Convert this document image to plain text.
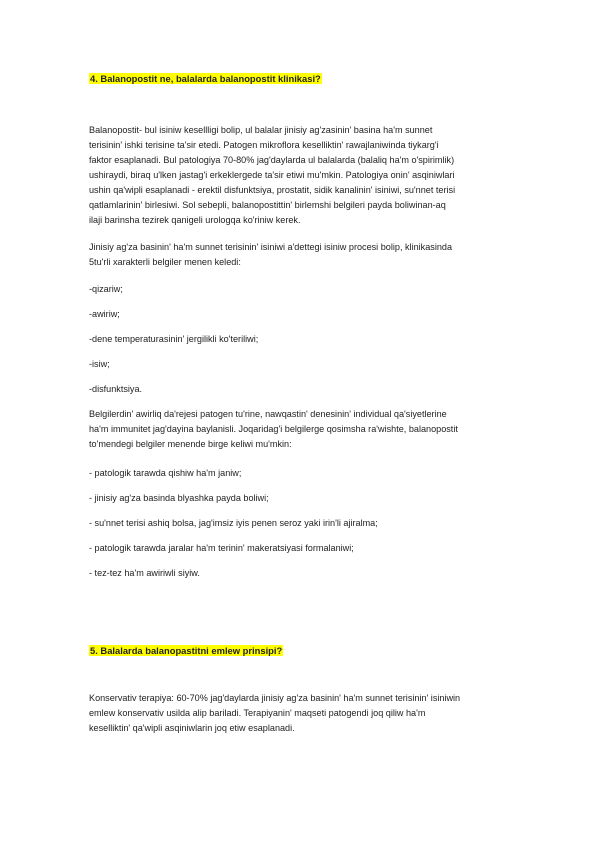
4. Balanopostit ne, balalarda balanopostit klinikasi?

Balanopostit- bul isiniw kesellligi bolip, ul balalar jinisiy ag'zasinin' basina ha'm sunnet
terisinin' ishki terisine ta'sir etedi. Patogen mikroflora keselliktin' rawajlaniwinda tiykarg'i
faktor esaplanadi. Bul patologiya 70-80% jag'daylarda ul balalarda (balaliq ha'm o'spirimlik)
ushiraydi, biraq u'lken jastag'i erkeklergede ta'sir etiwi mu'mkin. Patologiya onin' asqiniwlari
ushin qa'wipli esaplanadi - erektil disfunktsiya, prostatit, sidik kanalinin' isiniwi, su'nnet terisi
qatlamlarinin' birlesiwi. Sol sebepli, balanopostittin' birlemshi belgileri payda boliwinan-aq
ilaji barinsha tezirek qanigeli urologqa ko'riniw kerek.

Jinisiy ag'za basinin' ha'm sunnet terisinin' isiniwi a'dettegi isiniw procesi bolip, klinikasinda
5tu'rli xarakterli belgiler menen keledi:

-qizariw;
-awiriw;
-dene temperaturasinin' jergilikli ko'teriliwi;
-isiw;
-disfunktsiya.

Belgilerdin' awirliq da'rejesi patogen tu'rine, nawqastin' denesinin' individual qa'siyetlerine
ha'm immunitet jag'dayina baylanisli. Joqaridag'i belgilerge qosimsha ra'wishte, balanopostit
to'mendegi belgiler menende birge keliwi mu'mkin:

- patologik tarawda qishiw ha'm janiw;
- jinisiy ag'za basinda blyashka payda boliwi;
- su'nnet terisi ashiq bolsa, jag'imsiz iyis penen seroz yaki irin'li ajiralma;
- patologik tarawda jaralar ha'm terinin' makeratsiyasi formalaniwi;
- tez-tez ha'm awiriwli siyiw.
5. Balalarda balanopastitni emlew prinsipi?

Konservativ terapiya: 60-70% jag'daylarda jinisiy ag'za basinin' ha'm sunnet terisinin' isiniwin
emlew konservativ usilda alip bariladi. Terapiyanin' maqseti patogendi joq qiliw ha'm
keselliktin' qa'wipli asqiniwlarin joq etiw esaplanadi.
